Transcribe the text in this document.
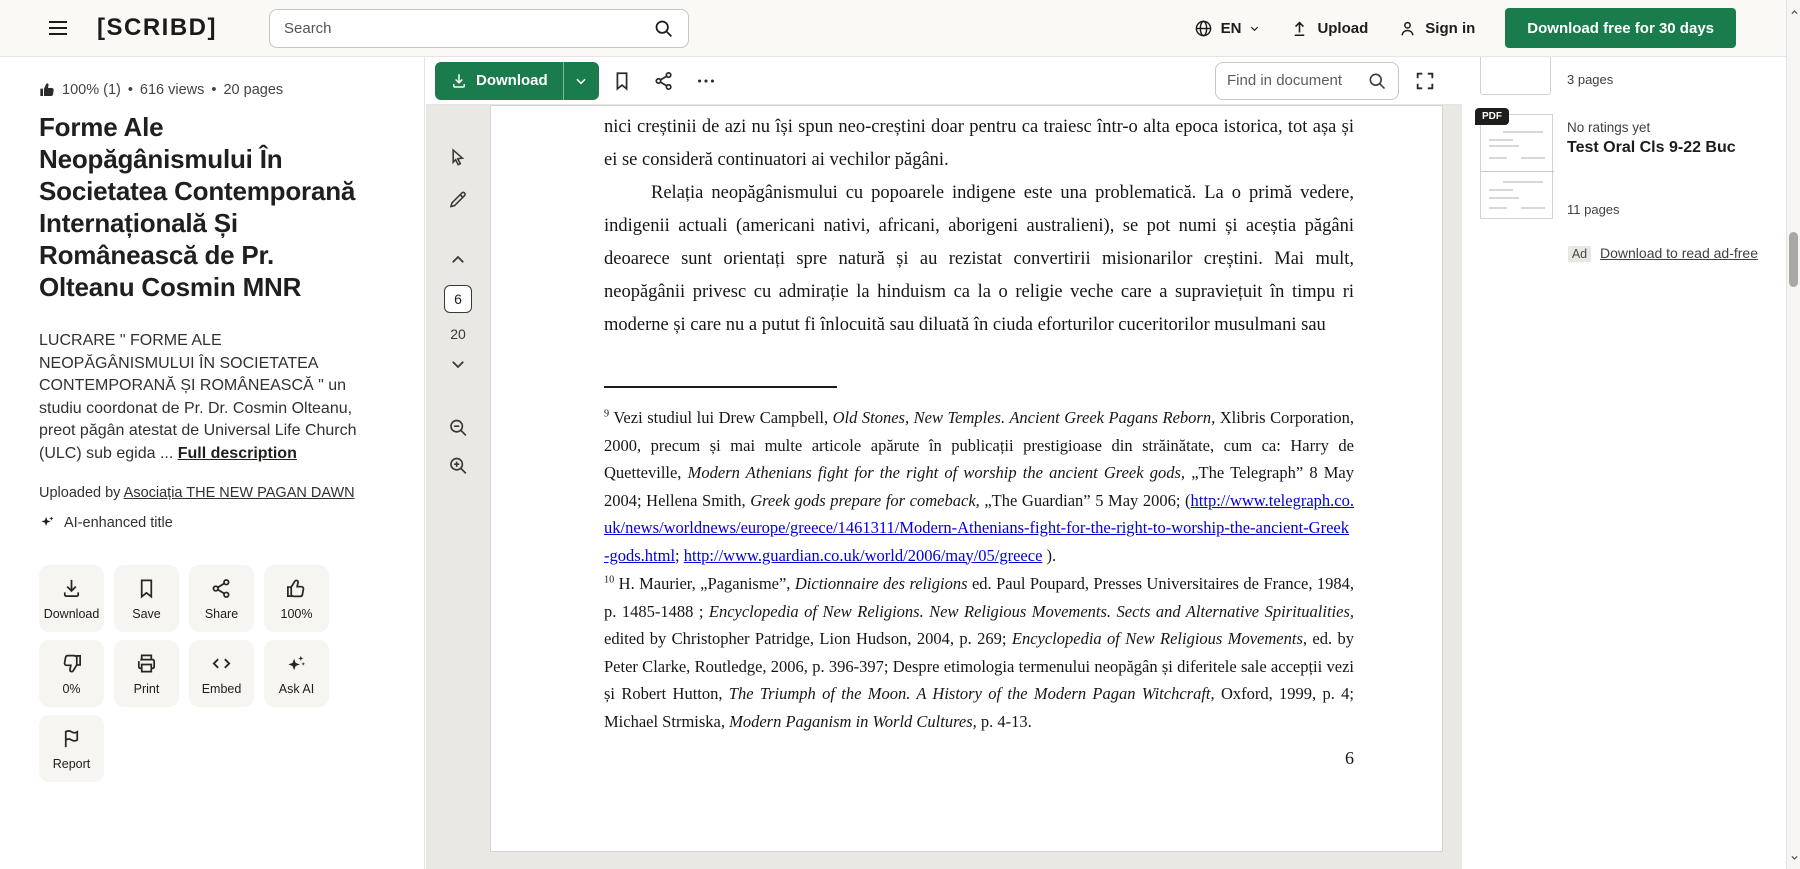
[SCRIBD]
Search	EN	Upload	Sign in	Download free for 30 days
100% (1) • 616 views • 20 pages
Forme Ale Neopăgânismului În Societatea Contemporană Internațională Și Românească de Pr. Olteanu Cosmin MNR

LUCRARE " FORME ALE NEOPĂGÂNISMULUI ÎN SOCIETATEA CONTEMPORANĂ ȘI ROMÂNEASCĂ " un studiu coordonat de Pr. Dr. Cosmin Olteanu, preot păgân atestat de Universal Life Church (ULC) sub egida ... Full description

Uploaded by Asociația THE NEW PAGAN DAWN

AI-enhanced title
Download	Save	Share	100%
0%	Print	Embed	Ask AI
Report
Download
Find in document
6
20

nici creștinii de azi nu își spun neo-creștini doar pentru ca traiesc într-o alta epoca istorica, tot așa și ei se consideră continuatori ai vechilor păgâni.

Relația neopăgânismului cu popoarele indigene este una problematică. La o primă vedere, indigenii actuali (americani nativi, africani, aborigeni australieni), se pot numi și aceștia păgâni deoarece sunt orientați spre natură și au rezistat convertirii misionarilor creștini. Mai mult, neopăgânii privesc cu admirație la hinduism ca la o religie veche care a supraviețuit în timpu ri moderne și care nu a putut fi înlocuită sau diluată în ciuda eforturilor cuceritorilor musulmani sau

$^9$ Vezi studiul lui Drew Campbell, Old Stones, New Temples. Ancient Greek Pagans Reborn, Xlibris Corporation, 2000, precum și mai multe articole apărute în publicații prestigioase din străinătate, cum ca: Harry de Quetteville, Modern Athenians fight for the right of worship the ancient Greek gods, „The Telegraph” 8 May 2004; Hellena Smith, Greek gods prepare for comeback, „The Guardian” 5 May 2006; (http://www.telegraph.co.uk/news/worldnews/europe/greece/1461311/Modern-Athenians-fight-for-the-right-to-worship-the-ancient-Greek-gods.html; http://www.guardian.co.uk/world/2006/may/05/greece ).

$^{10}$ H. Maurier, „Paganisme”, Dictionnaire des religions ed. Paul Poupard, Presses Universitaires de France, 1984, p. 1485-1488 ; Encyclopedia of New Religions. New Religious Movements. Sects and Alternative Spiritualities, edited by Christopher Patridge, Lion Hudson, 2004, p. 269; Encyclopedia of New Religious Movements, ed. by Peter Clarke, Routledge, 2006, p. 396-397; Despre etimologia termenului neopăgân și diferitele sale accepții vezi și Robert Hutton, The Triumph of the Moon. A History of the Modern Pagan Witchcraft, Oxford, 1999, p. 4; Michael Strmiska, Modern Paganism in World Cultures, p. 4-13.

6
3 pages
PDF
No ratings yet
Test Oral Cls 9-22 Buc
11 pages
Ad Download to read ad-free
